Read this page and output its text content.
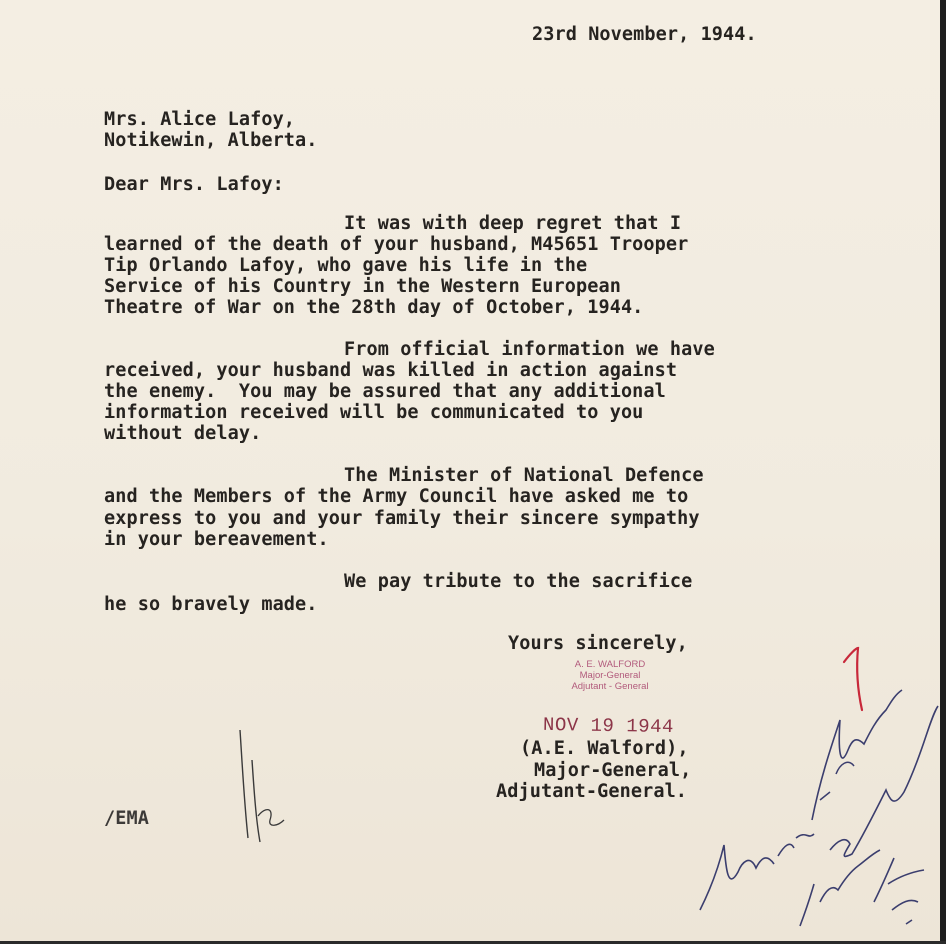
23rd November, 1944.
Mrs. Alice Lafoy,
Notikewin, Alberta.
Dear Mrs. Lafoy:
It was with deep regret that I
learned of the death of your husband, M45651 Trooper
Tip Orlando Lafoy, who gave his life in the
Service of his Country in the Western European
Theatre of War on the 28th day of October, 1944.
From official information we have
received, your husband was killed in action against
the enemy.  You may be assured that any additional
information received will be communicated to you
without delay.
The Minister of National Defence
and the Members of the Army Council have asked me to
express to you and your family their sincere sympathy
in your bereavement.
We pay tribute to the sacrifice
he so bravely made.
Yours sincerely,
A. E. WALFORD
Major-General
Adjutant - General
NOV 19 1944
(A.E. Walford),
Major-General,
Adjutant-General.
/EMA
